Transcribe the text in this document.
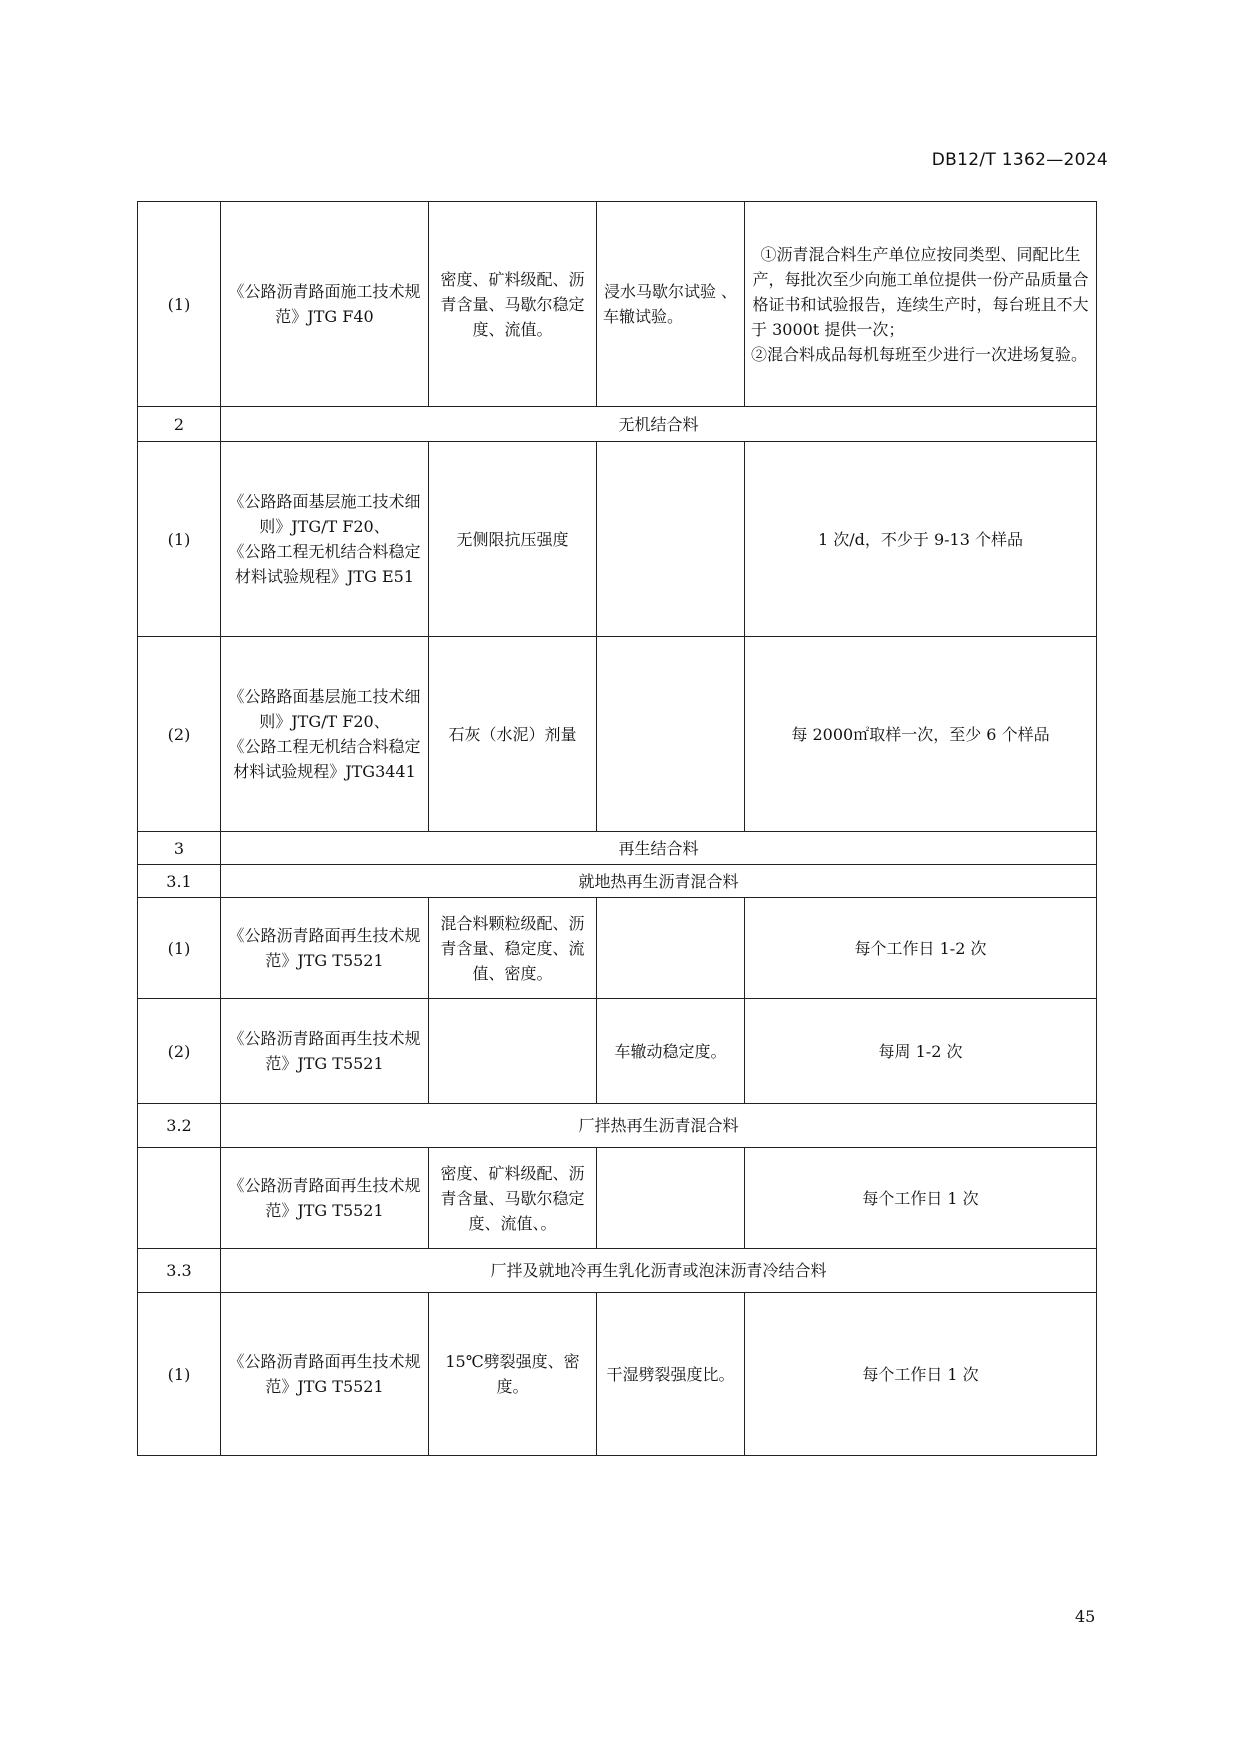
DB12/T 1362—2024
(1)	《公路沥青路面施工技术规范》JTG F40	密度、矿料级配、沥青含量、马歇尔稳定度、流值。	浸水马歇尔试验 、车辙试验。	①沥青混合料生产单位应按同类型、同配比生产，每批次至少向施工单位提供一份产品质量合格证书和试验报告，连续生产时，每台班且不大于 3000t 提供一次；
②混合料成品每机每班至少进行一次进场复验。

2	无机结合料			
(1)	《公路路面基层施工技术细则》JTG/T F20、
《公路工程无机结合料稳定材料试验规程》JTG E51	无侧限抗压强度		1 次/d，不少于 9-13 个样品
(2)	《公路路面基层施工技术细则》JTG/T F20、
《公路工程无机结合料稳定材料试验规程》JTG3441	石灰（水泥）剂量		每 2000㎡取样一次，至少 6 个样品
3	再生结合料			
3.1	就地热再生沥青混合料			
(1)	《公路沥青路面再生技术规范》JTG T5521	混合料颗粒级配、沥青含量、稳定度、流值、密度。		每个工作日 1-2 次
(2)	《公路沥青路面再生技术规范》JTG T5521		车辙动稳定度。	每周 1-2 次
3.2	厂拌热再生沥青混合料			
	《公路沥青路面再生技术规范》JTG T5521	密度、矿料级配、沥青含量、马歇尔稳定度、流值、。		每个工作日 1 次
3.3	厂拌及就地冷再生乳化沥青或泡沫沥青冷结合料			
(1)	《公路沥青路面再生技术规范》JTG T5521	15℃劈裂强度、密度。	干湿劈裂强度比。	每个工作日 1 次
45
